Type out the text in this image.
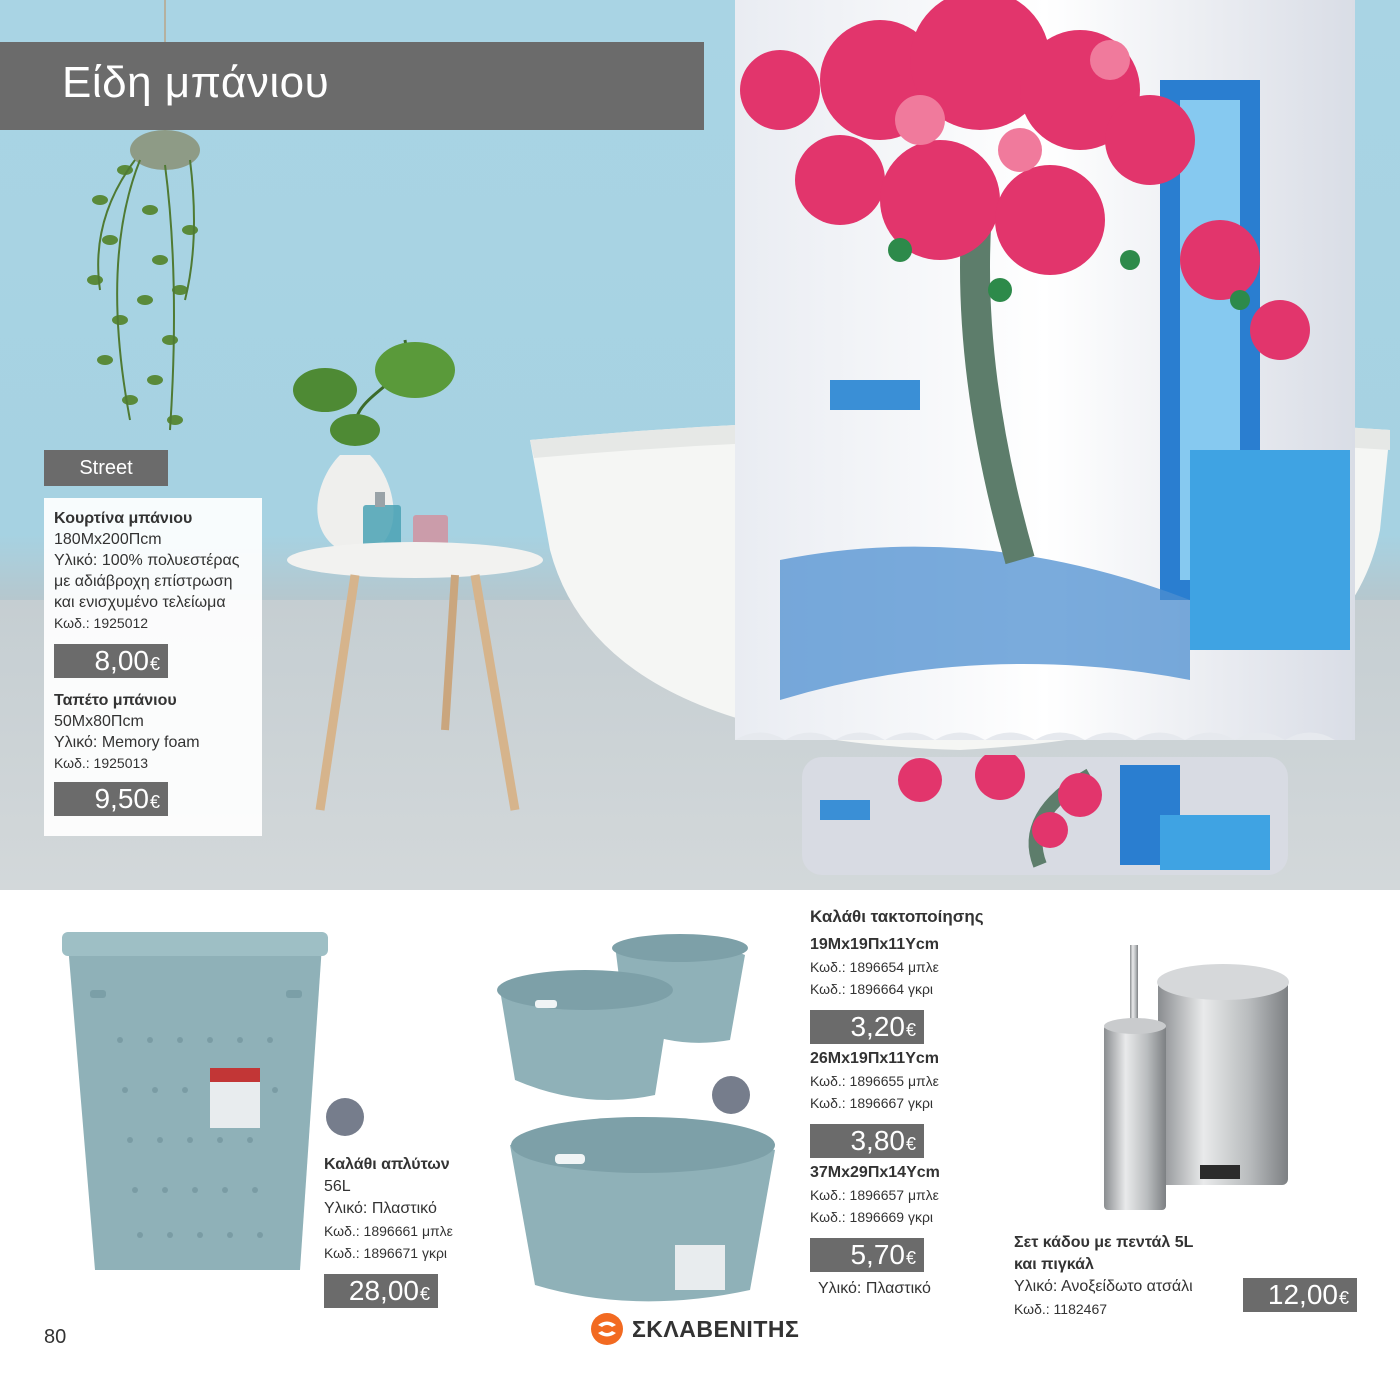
Είδη μπάνιου
Street
Κουρτίνα μπάνιου
180Μx200Πcm
Υλικό: 100% πολυεστέρας
με αδιάβροχη επίστρωση
και ενισχυμένο τελείωμα
Κωδ.: 1925012
8,00 €
Ταπέτο μπάνιου
50Μx80Πcm
Υλικό: Memory foam
Κωδ.: 1925013
9,50 €
Καλάθι απλύτων
56L
Υλικό: Πλαστικό
Κωδ.: 1896661 μπλε
Κωδ.: 1896671 γκρι
28,00 €
Καλάθι τακτοποίησης
19Μx19Πx11Υcm
Κωδ.: 1896654 μπλε
Κωδ.: 1896664 γκρι
3,20 €
26Μx19Πx11Υcm
Κωδ.: 1896655 μπλε
Κωδ.: 1896667 γκρι
3,80 €
37Μx29Πx14Υcm
Κωδ.: 1896657 μπλε
Κωδ.: 1896669 γκρι
5,70 €
Υλικό: Πλαστικό
Σετ κάδου με πεντάλ 5L
και πιγκάλ
Υλικό: Ανοξείδωτο ατσάλι
Κωδ.: 1182467	12,00 €
80	ΣΚΛΑΒΕΝΙΤΗΣ
